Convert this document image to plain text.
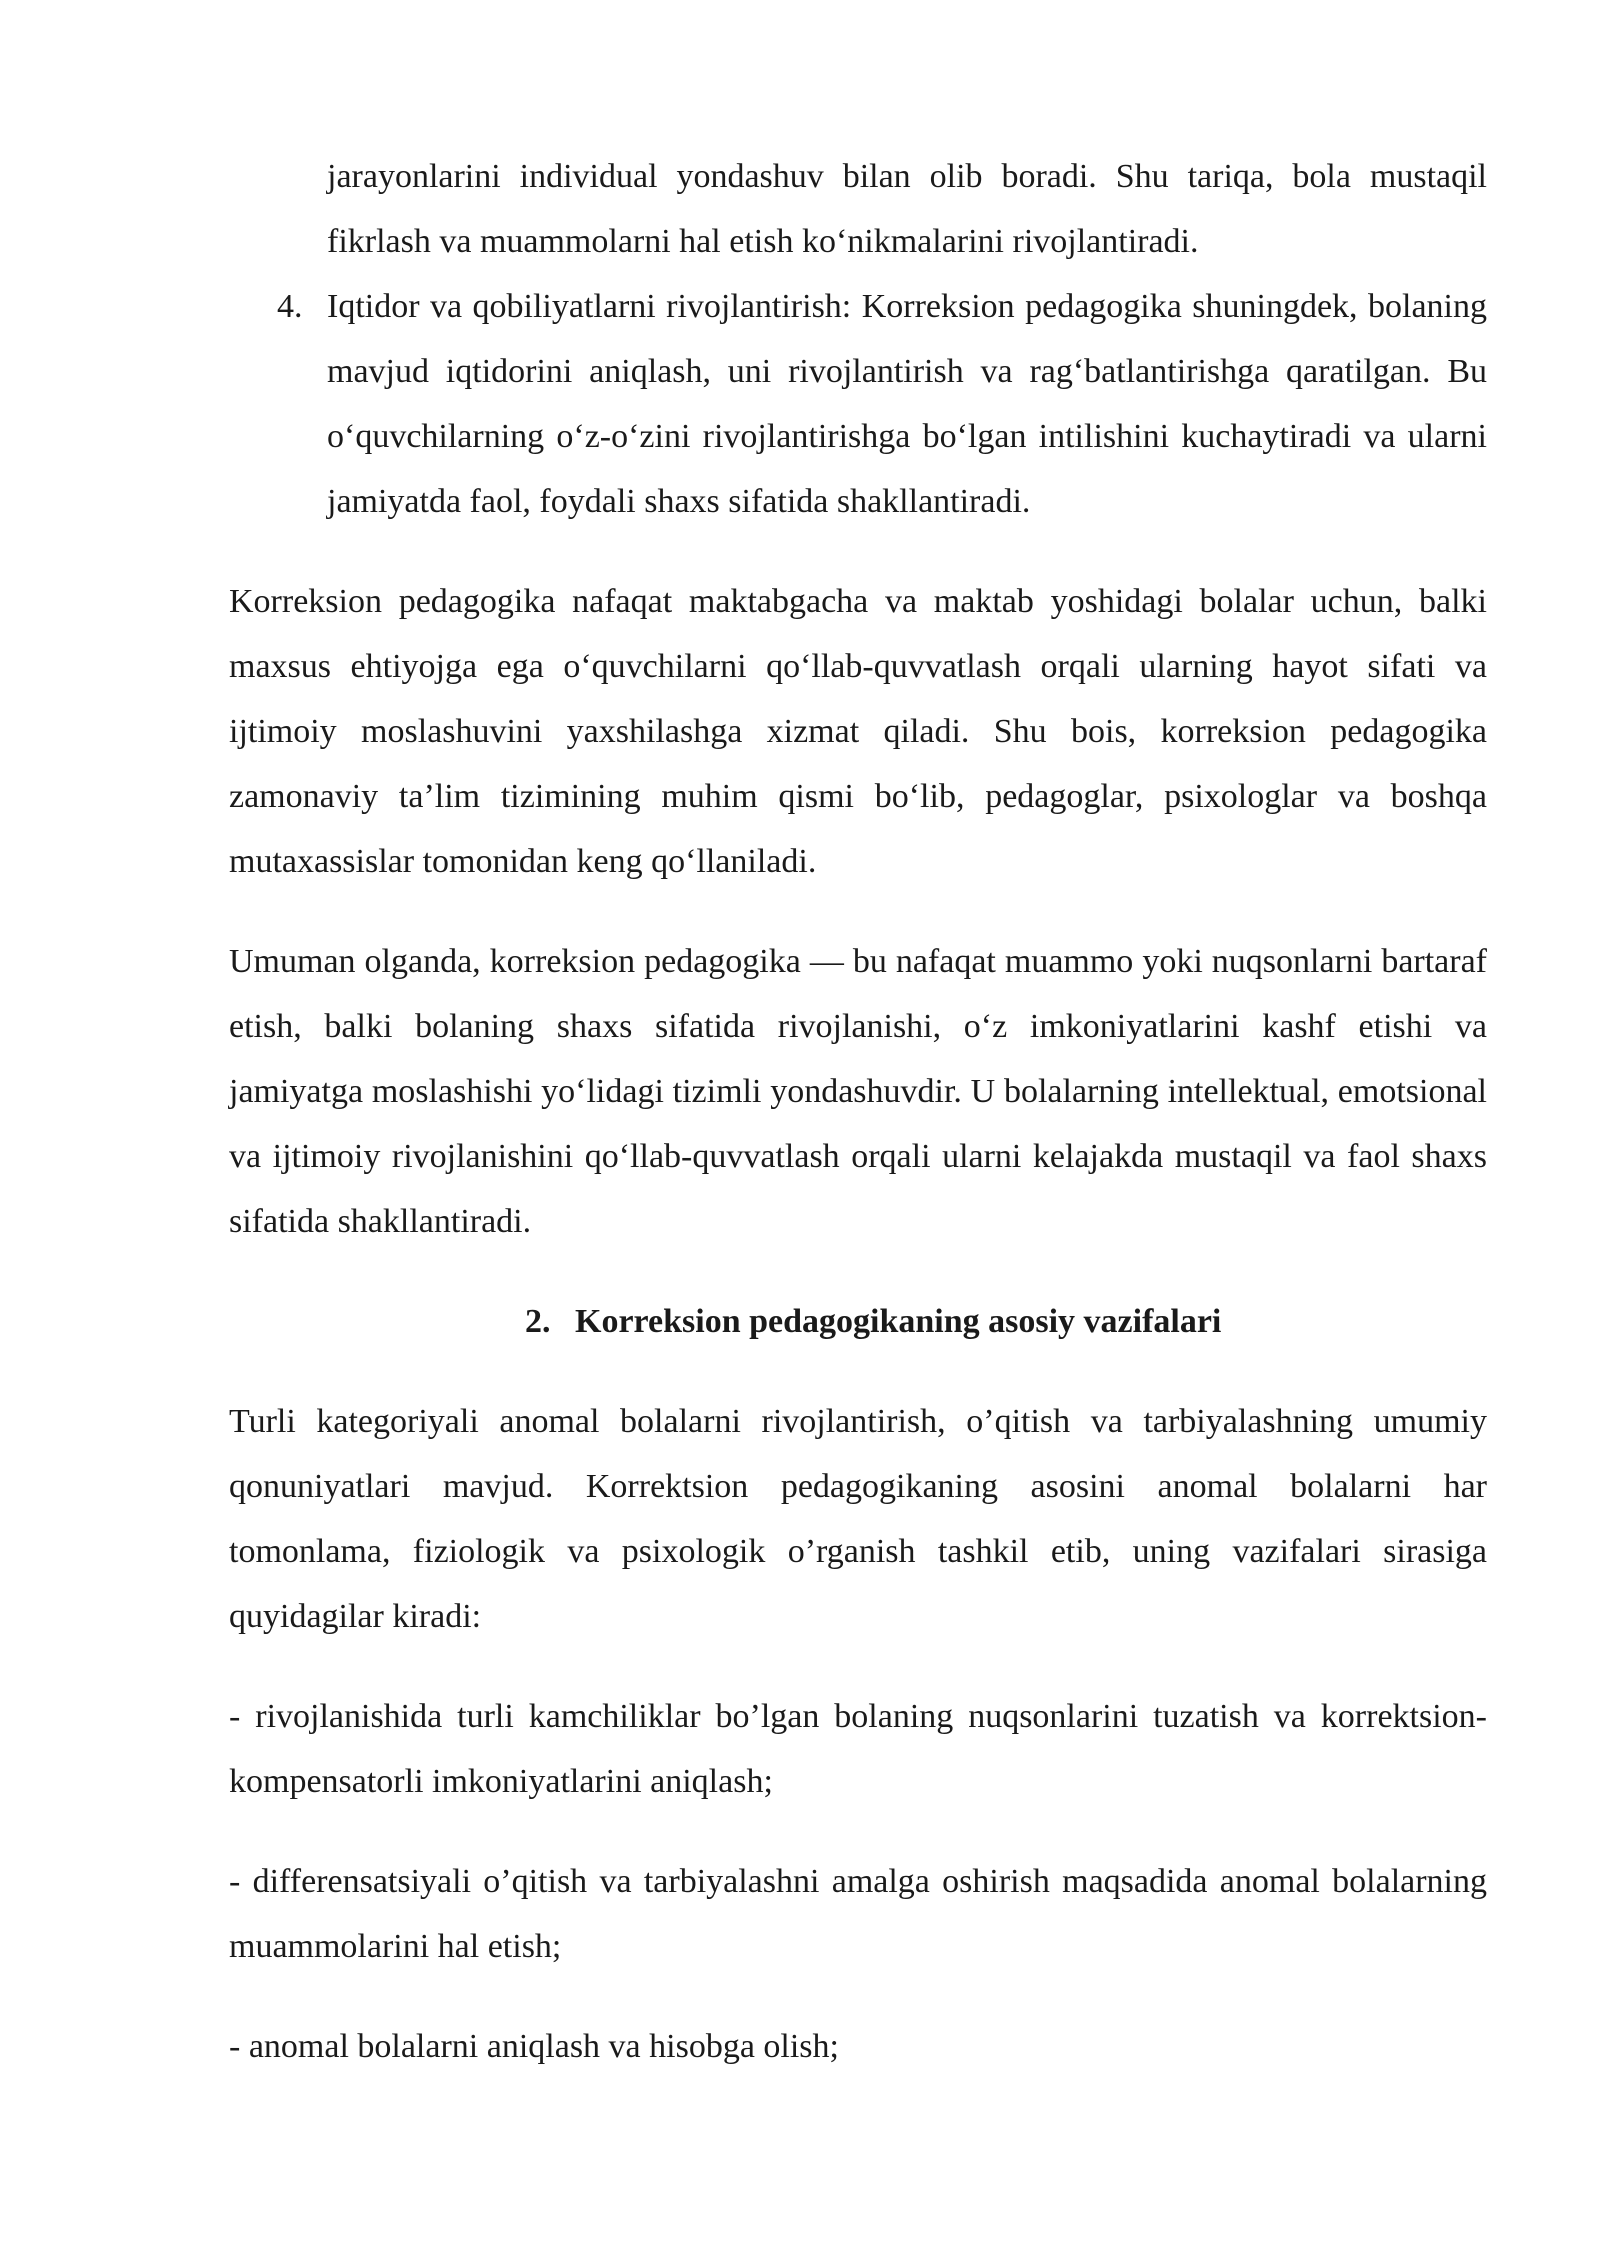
jarayonlarini individual yondashuv bilan olib boradi. Shu tariqa, bola mustaqil fikrlash va muammolarni hal etish ko‘nikmalarini rivojlantiradi.

4. Iqtidor va qobiliyatlarni rivojlantirish: Korreksion pedagogika shuningdek, bolaning mavjud iqtidorini aniqlash, uni rivojlantirish va rag‘batlantirishga qaratilgan. Bu o‘quvchilarning o‘z-o‘zini rivojlantirishga bo‘lgan intilishini kuchaytiradi va ularni jamiyatda faol, foydali shaxs sifatida shakllantiradi.

Korreksion pedagogika nafaqat maktabgacha va maktab yoshidagi bolalar uchun, balki maxsus ehtiyojga ega o‘quvchilarni qo‘llab-quvvatlash orqali ularning hayot sifati va ijtimoiy moslashuvini yaxshilashga xizmat qiladi. Shu bois, korreksion pedagogika zamonaviy ta’lim tizimining muhim qismi bo‘lib, pedagoglar, psixologlar va boshqa mutaxassislar tomonidan keng qo‘llaniladi.

Umuman olganda, korreksion pedagogika — bu nafaqat muammo yoki nuqsonlarni bartaraf etish, balki bolaning shaxs sifatida rivojlanishi, o‘z imkoniyatlarini kashf etishi va jamiyatga moslashishi yo‘lidagi tizimli yondashuvdir. U bolalarning intellektual, emotsional va ijtimoiy rivojlanishini qo‘llab-quvvatlash orqali ularni kelajakda mustaqil va faol shaxs sifatida shakllantiradi.

2. Korreksion pedagogikaning asosiy vazifalari

Turli kategoriyali anomal bolalarni rivojlantirish, o’qitish va tarbiyalashning umumiy qonuniyatlari mavjud. Korrektsion pedagogikaning asosini anomal bolalarni har tomonlama, fiziologik va psixologik o’rganish tashkil etib, uning vazifalari sirasiga quyidagilar kiradi:

- rivojlanishida turli kamchiliklar bo’lgan bolaning nuqsonlarini tuzatish va korrektsion-kompensatorli imkoniyatlarini aniqlash;

- differensatsiyali o’qitish va tarbiyalashni amalga oshirish maqsadida anomal bolalarning muammolarini hal etish;

- anomal bolalarni aniqlash va hisobga olish;
